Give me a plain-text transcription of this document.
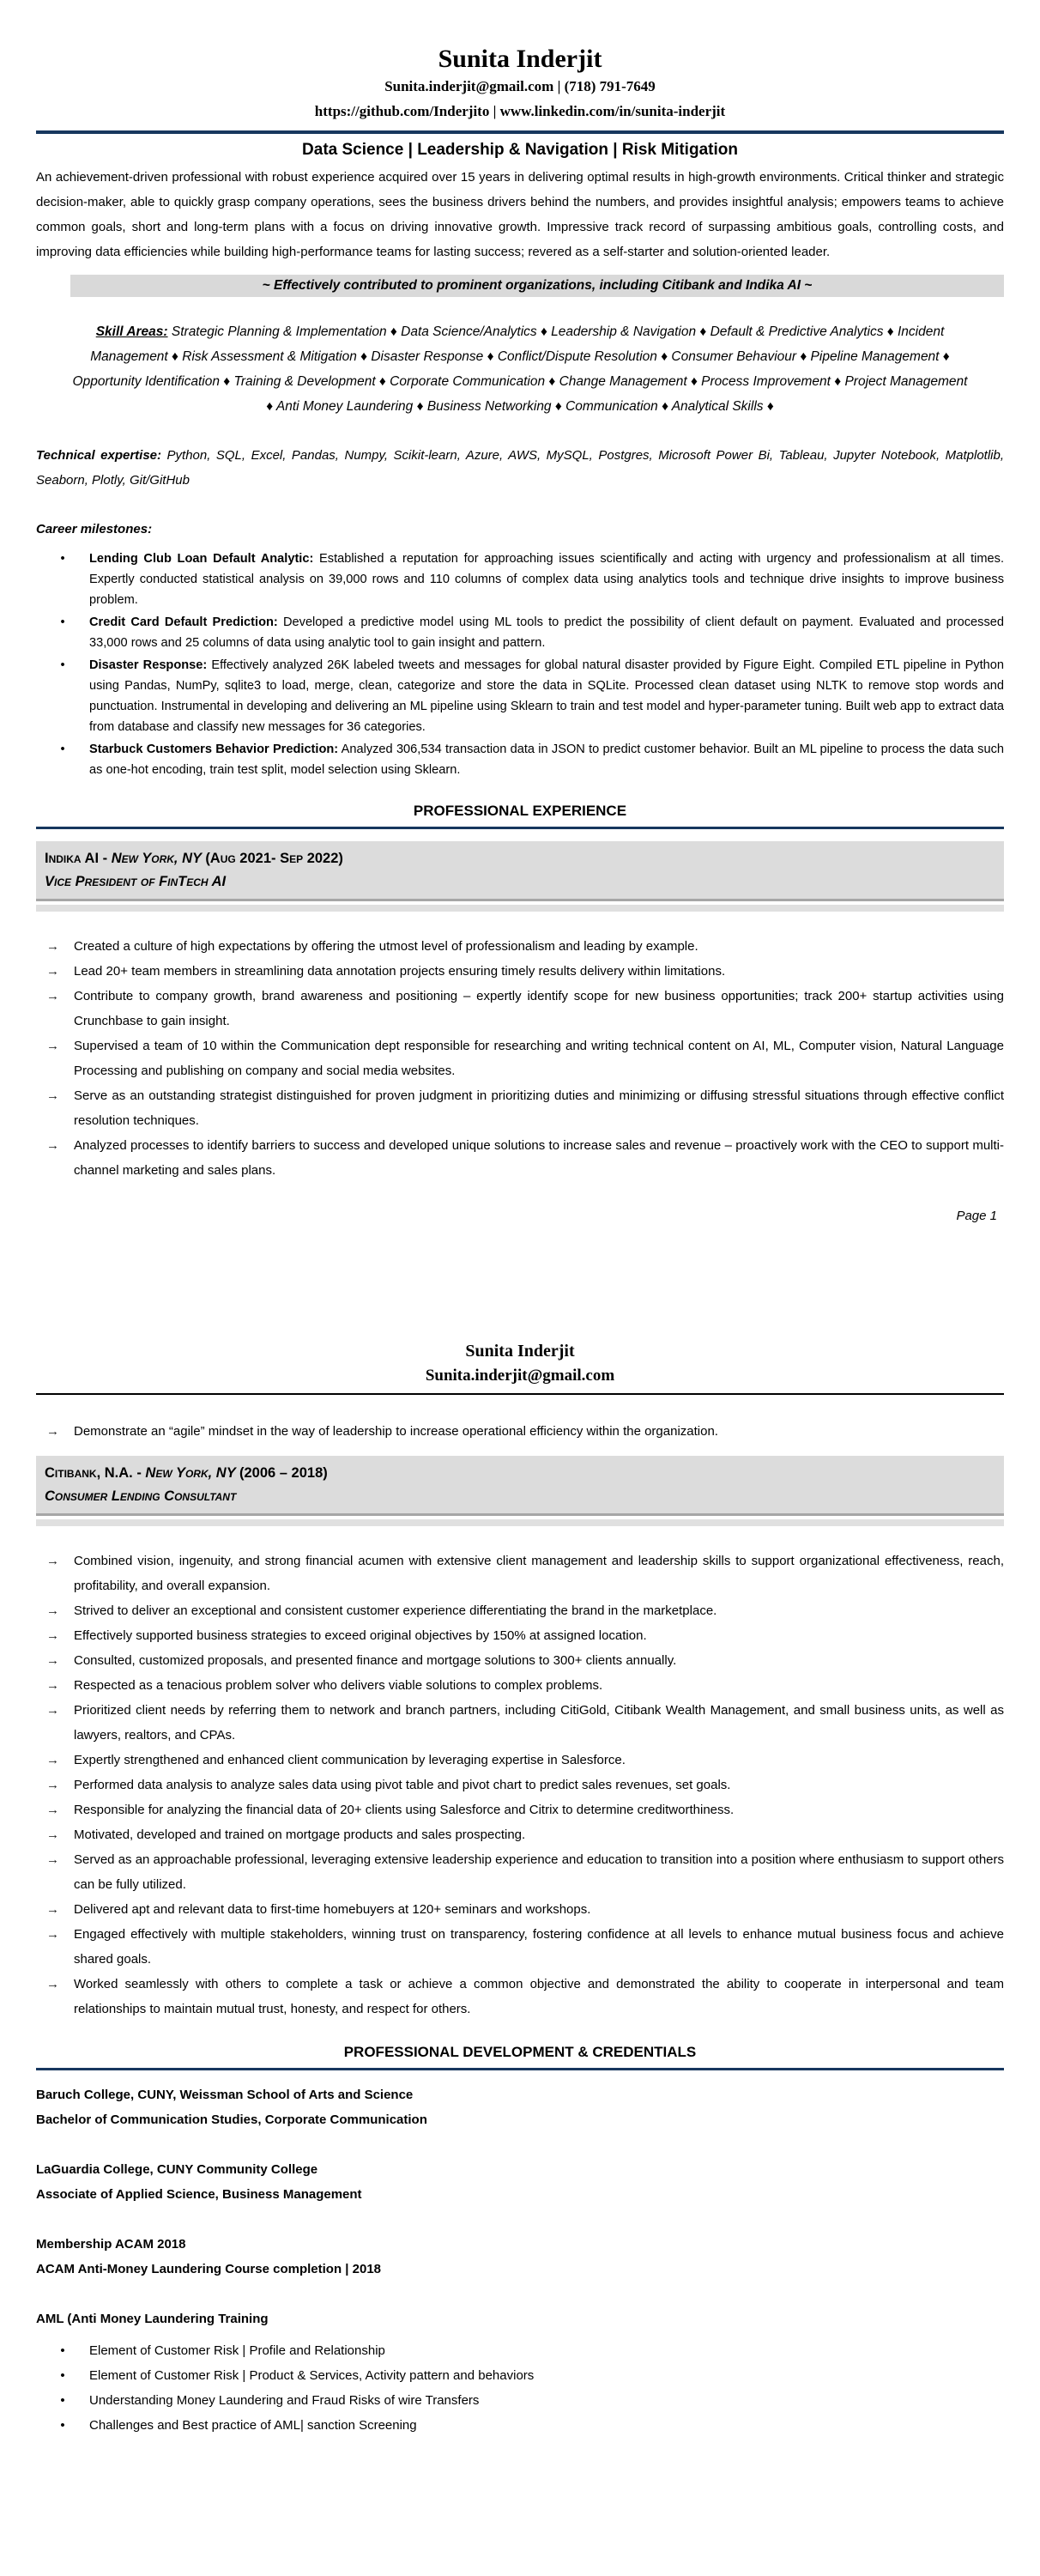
Sunita Inderjit
Sunita.inderjit@gmail.com | (718) 791-7649
https://github.com/Inderjito | www.linkedin.com/in/sunita-inderjit
Data Science | Leadership & Navigation | Risk Mitigation
An achievement-driven professional with robust experience acquired over 15 years in delivering optimal results in high-growth environments. Critical thinker and strategic decision-maker, able to quickly grasp company operations, sees the business drivers behind the numbers, and provides insightful analysis; empowers teams to achieve common goals, short and long-term plans with a focus on driving innovative growth. Impressive track record of surpassing ambitious goals, controlling costs, and improving data efficiencies while building high-performance teams for lasting success; revered as a self-starter and solution-oriented leader.
~ Effectively contributed to prominent organizations, including Citibank and Indika AI ~
Skill Areas: Strategic Planning & Implementation ♦ Data Science/Analytics ♦ Leadership & Navigation ♦ Default & Predictive Analytics ♦ Incident Management ♦ Risk Assessment & Mitigation ♦ Disaster Response ♦ Conflict/Dispute Resolution ♦ Consumer Behaviour ♦ Pipeline Management ♦ Opportunity Identification ♦ Training & Development ♦ Corporate Communication ♦ Change Management ♦ Process Improvement ♦ Project Management ♦ Anti Money Laundering ♦ Business Networking ♦ Communication ♦ Analytical Skills ♦
Technical expertise: Python, SQL, Excel, Pandas, Numpy, Scikit-learn, Azure, AWS, MySQL, Postgres, Microsoft Power Bi, Tableau, Jupyter Notebook, Matplotlib, Seaborn, Plotly, Git/GitHub
Career milestones:
•	Lending Club Loan Default Analytic: Established a reputation for approaching issues scientifically and acting with urgency and professionalism at all times. Expertly conducted statistical analysis on 39,000 rows and 110 columns of complex data using analytics tools and technique drive insights to improve business problem.
•	Credit Card Default Prediction: Developed a predictive model using ML tools to predict the possibility of client default on payment. Evaluated and processed 33,000 rows and 25 columns of data using analytic tool to gain insight and pattern.
•	Disaster Response: Effectively analyzed 26K labeled tweets and messages for global natural disaster provided by Figure Eight. Compiled ETL pipeline in Python using Pandas, NumPy, sqlite3 to load, merge, clean, categorize and store the data in SQLite. Processed clean dataset using NLTK to remove stop words and punctuation. Instrumental in developing and delivering an ML pipeline using Sklearn to train and test model and hyper-parameter tuning. Built web app to extract data from database and classify new messages for 36 categories.
•	Starbuck Customers Behavior Prediction: Analyzed 306,534 transaction data in JSON to predict customer behavior. Built an ML pipeline to process the data such as one-hot encoding, train test split, model selection using Sklearn.
PROFESSIONAL EXPERIENCE
Indika AI - New York, NY (Aug 2021- Sep 2022)
Vice President of FinTech AI
→	Created a culture of high expectations by offering the utmost level of professionalism and leading by example.
→	Lead 20+ team members in streamlining data annotation projects ensuring timely results delivery within limitations.
→	Contribute to company growth, brand awareness and positioning – expertly identify scope for new business opportunities; track 200+ startup activities using Crunchbase to gain insight.
→	Supervised a team of 10 within the Communication dept responsible for researching and writing technical content on AI, ML, Computer vision, Natural Language Processing and publishing on company and social media websites.
→	Serve as an outstanding strategist distinguished for proven judgment in prioritizing duties and minimizing or diffusing stressful situations through effective conflict resolution techniques.
→	Analyzed processes to identify barriers to success and developed unique solutions to increase sales and revenue – proactively work with the CEO to support multi-channel marketing and sales plans.
Page 1
Sunita Inderjit
Sunita.inderjit@gmail.com
→	Demonstrate an “agile” mindset in the way of leadership to increase operational efficiency within the organization.
Citibank, N.A. - New York, NY (2006 – 2018)
Consumer Lending Consultant
→	Combined vision, ingenuity, and strong financial acumen with extensive client management and leadership skills to support organizational effectiveness, reach, profitability, and overall expansion.
→	Strived to deliver an exceptional and consistent customer experience differentiating the brand in the marketplace.
→	Effectively supported business strategies to exceed original objectives by 150% at assigned location.
→	Consulted, customized proposals, and presented finance and mortgage solutions to 300+ clients annually.
→	Respected as a tenacious problem solver who delivers viable solutions to complex problems.
→	Prioritized client needs by referring them to network and branch partners, including CitiGold, Citibank Wealth Management, and small business units, as well as lawyers, realtors, and CPAs.
→	Expertly strengthened and enhanced client communication by leveraging expertise in Salesforce.
→	Performed data analysis to analyze sales data using pivot table and pivot chart to predict sales revenues, set goals.
→	Responsible for analyzing the financial data of 20+ clients using Salesforce and Citrix to determine creditworthiness.
→	Motivated, developed and trained on mortgage products and sales prospecting.
→	Served as an approachable professional, leveraging extensive leadership experience and education to transition into a position where enthusiasm to support others can be fully utilized.
→	Delivered apt and relevant data to first-time homebuyers at 120+ seminars and workshops.
→	Engaged effectively with multiple stakeholders, winning trust on transparency, fostering confidence at all levels to enhance mutual business focus and achieve shared goals.
→	Worked seamlessly with others to complete a task or achieve a common objective and demonstrated the ability to cooperate in interpersonal and team relationships to maintain mutual trust, honesty, and respect for others.
PROFESSIONAL DEVELOPMENT & CREDENTIALS
Baruch College, CUNY, Weissman School of Arts and Science
Bachelor of Communication Studies, Corporate Communication
LaGuardia College, CUNY Community College
Associate of Applied Science, Business Management
Membership ACAM 2018
ACAM Anti-Money Laundering Course completion | 2018
AML (Anti Money Laundering Training
•	Element of Customer Risk | Profile and Relationship
•	Element of Customer Risk | Product & Services, Activity pattern and behaviors
•	Understanding Money Laundering and Fraud Risks of wire Transfers
•	Challenges and Best practice of AML| sanction Screening
